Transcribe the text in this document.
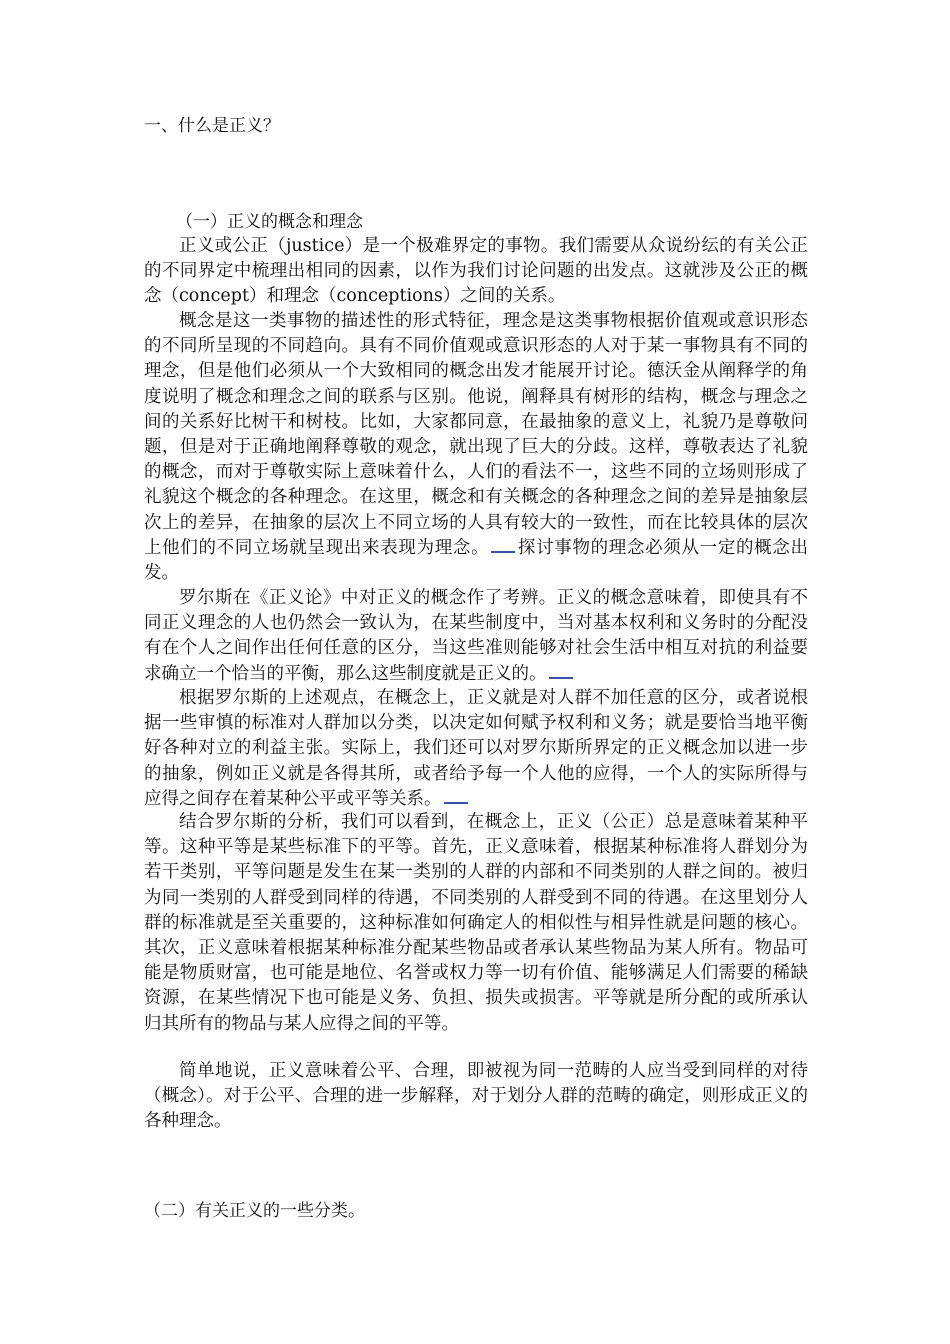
一、什么是正义？
（一）正义的概念和理念
正义或公正（justice）是一个极难界定的事物。我们需要从众说纷纭的有关公正的不同界定中梳理出相同的因素，以作为我们讨论问题的出发点。这就涉及公正的概念（concept）和理念（conceptions）之间的关系。
概念是这一类事物的描述性的形式特征，理念是这类事物根据价值观或意识形态的不同所呈现的不同趋向。具有不同价值观或意识形态的人对于某一事物具有不同的理念，但是他们必须从一个大致相同的概念出发才能展开讨论。德沃金从阐释学的角度说明了概念和理念之间的联系与区别。他说，阐释具有树形的结构，概念与理念之间的关系好比树干和树枝。比如，大家都同意，在最抽象的意义上，礼貌乃是尊敬问题，但是对于正确地阐释尊敬的观念，就出现了巨大的分歧。这样，尊敬表达了礼貌的概念，而对于尊敬实际上意味着什么，人们的看法不一，这些不同的立场则形成了礼貌这个概念的各种理念。在这里，概念和有关概念的各种理念之间的差异是抽象层次上的差异，在抽象的层次上不同立场的人具有较大的一致性，而在比较具体的层次上他们的不同立场就呈现出来表现为理念。 探讨事物的理念必须从一定的概念出发。
罗尔斯在《正义论》中对正义的概念作了考辨。正义的概念意味着，即使具有不同正义理念的人也仍然会一致认为，在某些制度中，当对基本权利和义务时的分配没有在个人之间作出任何任意的区分，当这些准则能够对社会生活中相互对抗的利益要求确立一个恰当的平衡，那么这些制度就是正义的。
根据罗尔斯的上述观点，在概念上，正义就是对人群不加任意的区分，或者说根据一些审慎的标准对人群加以分类，以决定如何赋予权利和义务；就是要恰当地平衡好各种对立的利益主张。实际上，我们还可以对罗尔斯所界定的正义概念加以进一步的抽象，例如正义就是各得其所，或者给予每一个人他的应得，一个人的实际所得与应得之间存在着某种公平或平等关系。
结合罗尔斯的分析，我们可以看到，在概念上，正义（公正）总是意味着某种平等。这种平等是某些标准下的平等。首先，正义意味着，根据某种标准将人群划分为若干类别，平等问题是发生在某一类别的人群的内部和不同类别的人群之间的。被归为同一类别的人群受到同样的待遇，不同类别的人群受到不同的待遇。在这里划分人群的标准就是至关重要的，这种标准如何确定人的相似性与相异性就是问题的核心。其次，正义意味着根据某种标准分配某些物品或者承认某些物品为某人所有。物品可能是物质财富，也可能是地位、名誉或权力等一切有价值、能够满足人们需要的稀缺资源，在某些情况下也可能是义务、负担、损失或损害。平等就是所分配的或所承认归其所有的物品与某人应得之间的平等。
简单地说，正义意味着公平、合理，即被视为同一范畴的人应当受到同样的对待（概念）。对于公平、合理的进一步解释，对于划分人群的范畴的确定，则形成正义的各种理念。
（二）有关正义的一些分类。
